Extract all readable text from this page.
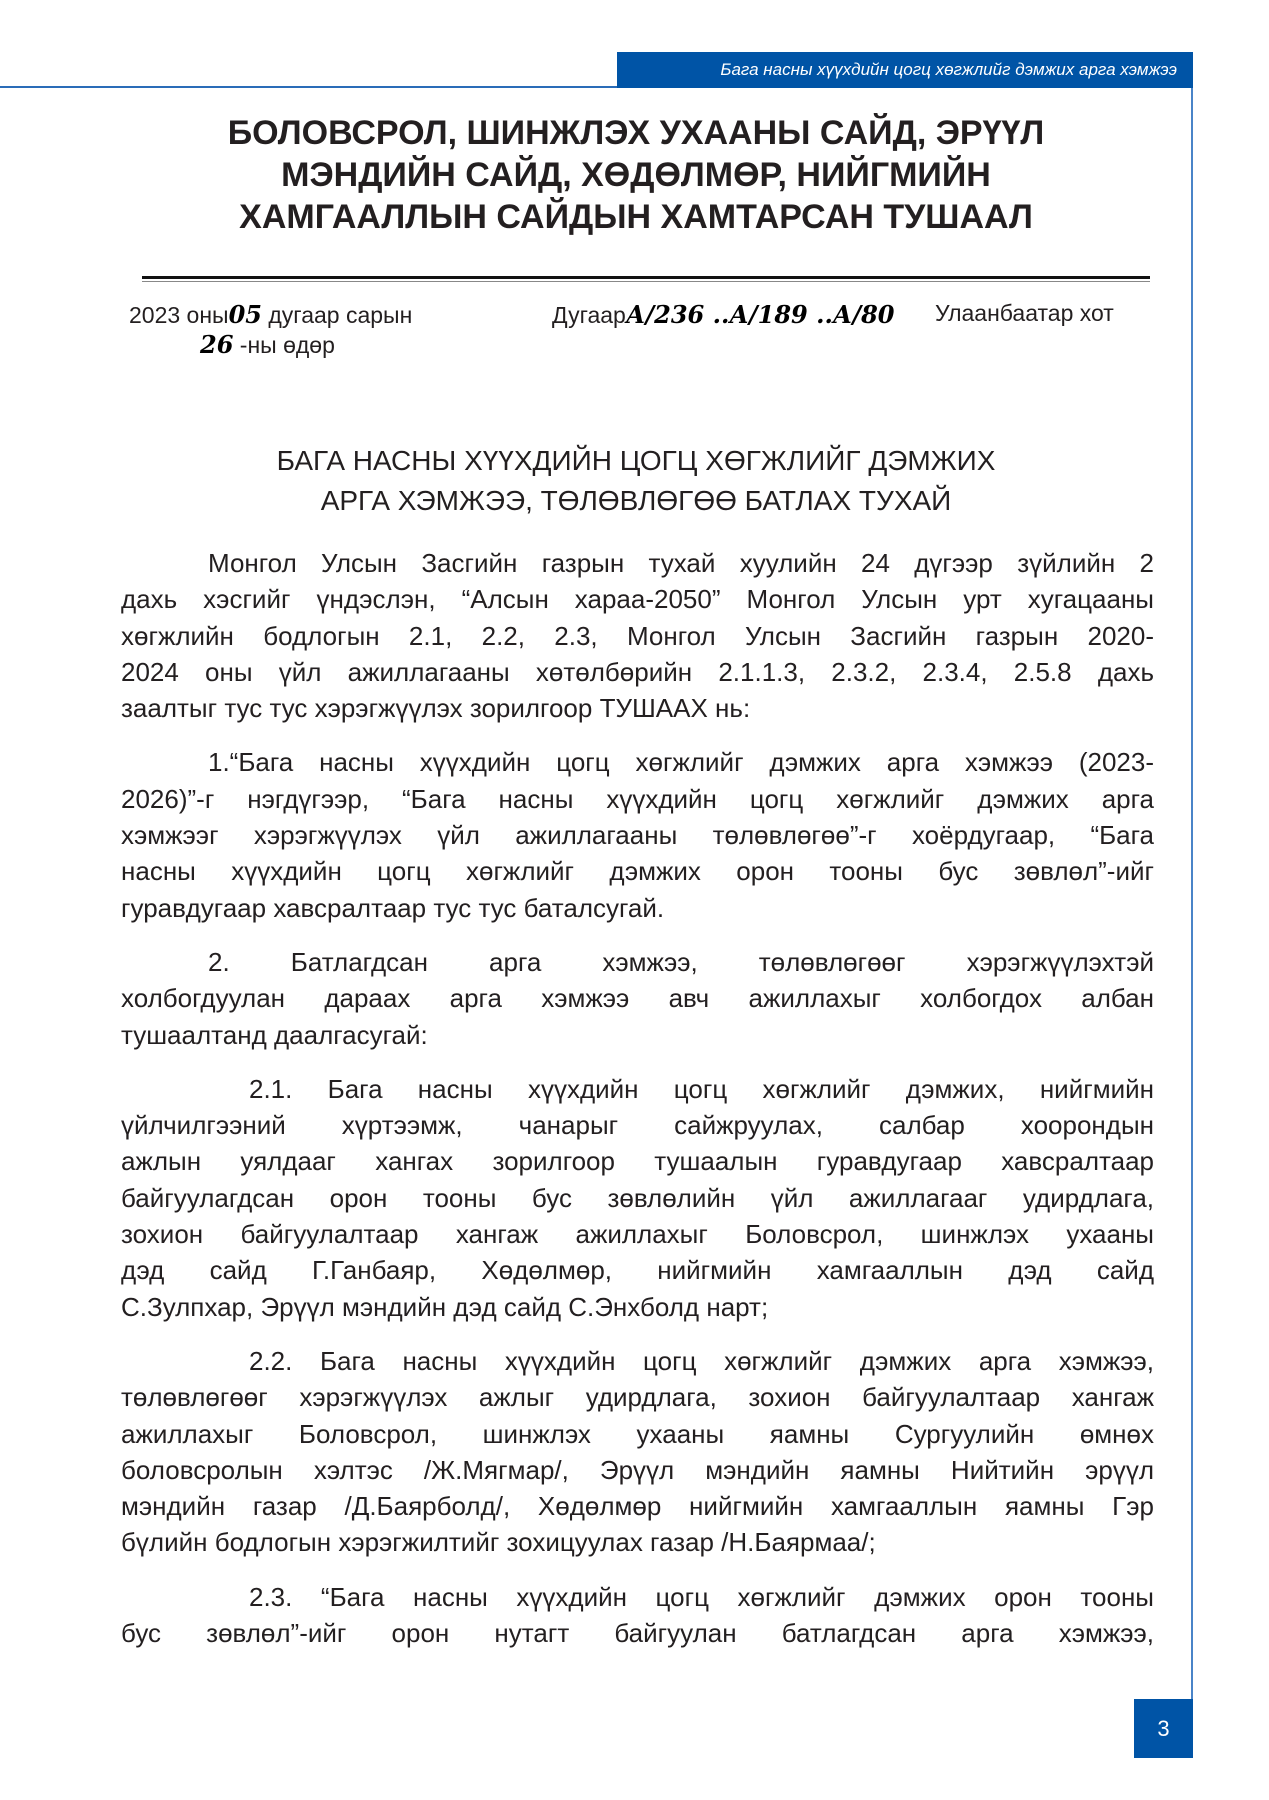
Бага насны хүүхдийн цогц хөгжлийг дэмжих арга хэмжээ
БОЛОВСРОЛ, ШИНЖЛЭХ УХААНЫ САЙД, ЭРҮҮЛ
МЭНДИЙН САЙД, ХӨДӨЛМӨР, НИЙГМИЙН
ХАМГААЛЛЫН САЙДЫН ХАМТАРСАН ТУШААЛ
2023 оны05 дугаар сарын
26 -ны өдөр
ДугаарА/236 ..А/189 ..А/80 Улаанбаатар хот
БАГА НАСНЫ ХҮҮХДИЙН ЦОГЦ ХӨГЖЛИЙГ ДЭМЖИХ
АРГА ХЭМЖЭЭ, ТӨЛӨВЛӨГӨӨ БАТЛАХ ТУХАЙ
Монгол Улсын Засгийн газрын тухай хуулийн 24 дүгээр зүйлийн 2
дахь хэсгийг үндэслэн, “Алсын хараа-2050” Монгол Улсын урт хугацааны
хөгжлийн бодлогын 2.1, 2.2, 2.3, Монгол Улсын Засгийн газрын 2020-
2024 оны үйл ажиллагааны хөтөлбөрийн 2.1.1.3, 2.3.2, 2.3.4, 2.5.8 дахь
заалтыг тус тус хэрэгжүүлэх зорилгоор ТУШААХ нь:
1.“Бага насны хүүхдийн цогц хөгжлийг дэмжих арга хэмжээ (2023-
2026)”-г нэгдүгээр, “Бага насны хүүхдийн цогц хөгжлийг дэмжих арга
хэмжээг хэрэгжүүлэх үйл ажиллагааны төлөвлөгөө”-г хоёрдугаар, “Бага
насны хүүхдийн цогц хөгжлийг дэмжих орон тооны бус зөвлөл”-ийг
гуравдугаар хавсралтаар тус тус баталсугай.
2. Батлагдсан арга хэмжээ, төлөвлөгөөг хэрэгжүүлэхтэй
холбогдуулан дараах арга хэмжээ авч ажиллахыг холбогдох албан
тушаалтанд даалгасугай:
2.1. Бага насны хүүхдийн цогц хөгжлийг дэмжих, нийгмийн
үйлчилгээний хүртээмж, чанарыг сайжруулах, салбар хоорондын
ажлын уялдааг хангах зорилгоор тушаалын гуравдугаар хавсралтаар
байгуулагдсан орон тооны бус зөвлөлийн үйл ажиллагааг удирдлага,
зохион байгуулалтаар хангаж ажиллахыг Боловсрол, шинжлэх ухааны
дэд сайд Г.Ганбаяр, Хөдөлмөр, нийгмийн хамгааллын дэд сайд
С.Зулпхар, Эрүүл мэндийн дэд сайд С.Энхболд нарт;
2.2. Бага насны хүүхдийн цогц хөгжлийг дэмжих арга хэмжээ,
төлөвлөгөөг хэрэгжүүлэх ажлыг удирдлага, зохион байгуулалтаар хангаж
ажиллахыг Боловсрол, шинжлэх ухааны яамны Сургуулийн өмнөх
боловсролын хэлтэс /Ж.Мягмар/, Эрүүл мэндийн яамны Нийтийн эрүүл
мэндийн газар /Д.Баярболд/, Хөдөлмөр нийгмийн хамгааллын яамны Гэр
бүлийн бодлогын хэрэгжилтийг зохицуулах газар /Н.Баярмаа/;
2.3. “Бага насны хүүхдийн цогц хөгжлийг дэмжих орон тооны
бус зөвлөл”-ийг орон нутагт байгуулан батлагдсан арга хэмжээ,
3
